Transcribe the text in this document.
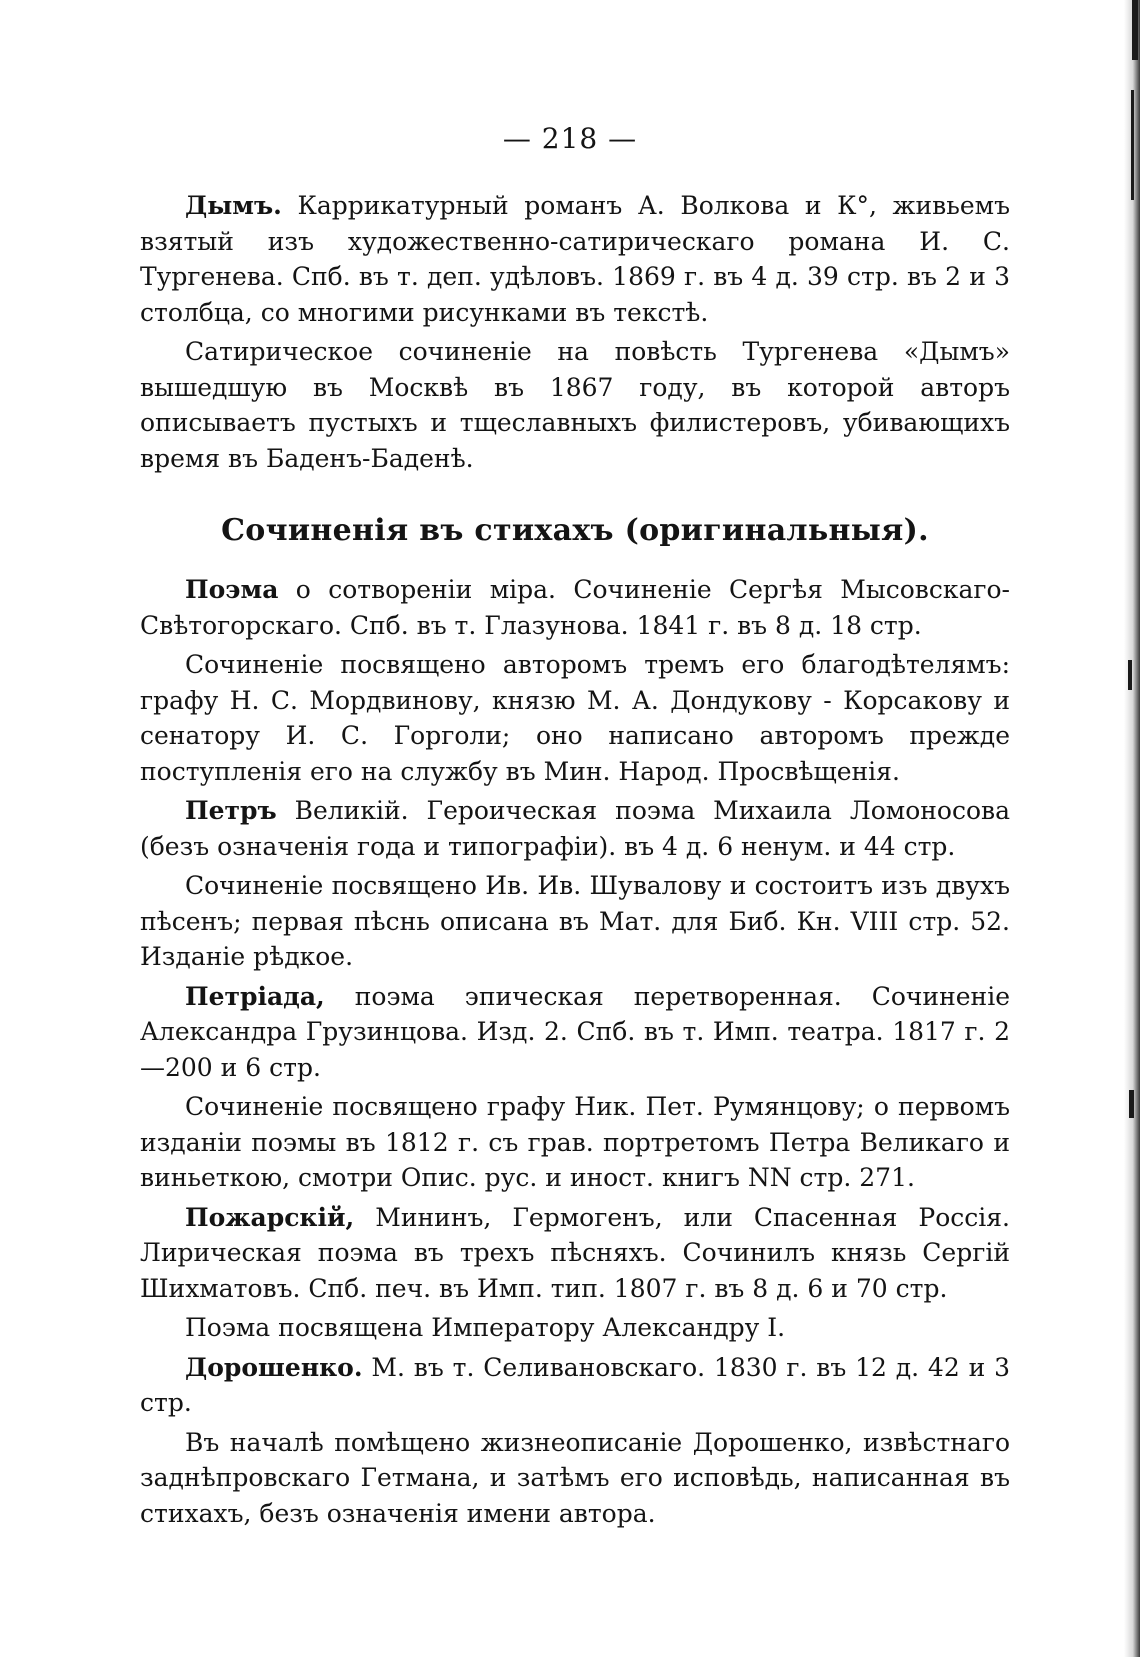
— 218 —

Дымъ. Каррикатурный романъ А. Волкова и К°, живьемъ взятый изъ художественно-сатирическаго романа И. С. Тургенева. Спб. въ т. деп. удѣловъ. 1869 г. въ 4 д. 39 стр. въ 2 и 3 столбца, со многими рисунками въ текстѣ.

Сатирическое сочиненіе на повѣсть Тургенева «Дымъ» вышедшую въ Москвѣ въ 1867 году, въ которой авторъ описываетъ пустыхъ и тщеславныхъ филистеровъ, убивающихъ время въ Баденъ-Баденѣ.

Сочиненія въ стихахъ (оригинальныя).

Поэма о сотвореніи міра. Сочиненіе Сергѣя Мысовскаго-Свѣтогорскаго. Спб. въ т. Глазунова. 1841 г. въ 8 д. 18 стр.

Сочиненіе посвящено авторомъ тремъ его благодѣтелямъ: графу Н. С. Мордвинову, князю М. А. Дондукову - Корсакову и сенатору И. С. Горголи; оно написано авторомъ прежде поступленія его на службу въ Мин. Народ. Просвѣщенія.

Петръ Великій. Героическая поэма Михаила Ломоносова (безъ означенія года и типографіи). въ 4 д. 6 ненум. и 44 стр.

Сочиненіе посвящено Ив. Ив. Шувалову и состоитъ изъ двухъ пѣсенъ; первая пѣснь описана въ Мат. для Биб. Кн. VIII стр. 52. Изданіе рѣдкое.

Петріада, поэма эпическая перетворенная. Сочиненіе Александра Грузинцова. Изд. 2. Спб. въ т. Имп. театра. 1817 г. 2—200 и 6 стр.

Сочиненіе посвящено графу Ник. Пет. Румянцову; о первомъ изданіи поэмы въ 1812 г. съ грав. портретомъ Петра Великаго и виньеткою, смотри Опис. рус. и иност. книгъ NN стр. 271.

Пожарскій, Мининъ, Гермогенъ, или Спасенная Россія. Лирическая поэма въ трехъ пѣсняхъ. Сочинилъ князь Сергій Шихматовъ. Спб. печ. въ Имп. тип. 1807 г. въ 8 д. 6 и 70 стр.

Поэма посвящена Императору Александру I.

Дорошенко. М. въ т. Селивановскаго. 1830 г. въ 12 д. 42 и 3 стр.

Въ началѣ помѣщено жизнеописаніе Дорошенко, извѣстнаго заднѣпровскаго Гетмана, и затѣмъ его исповѣдь, написанная въ стихахъ, безъ означенія имени автора.
